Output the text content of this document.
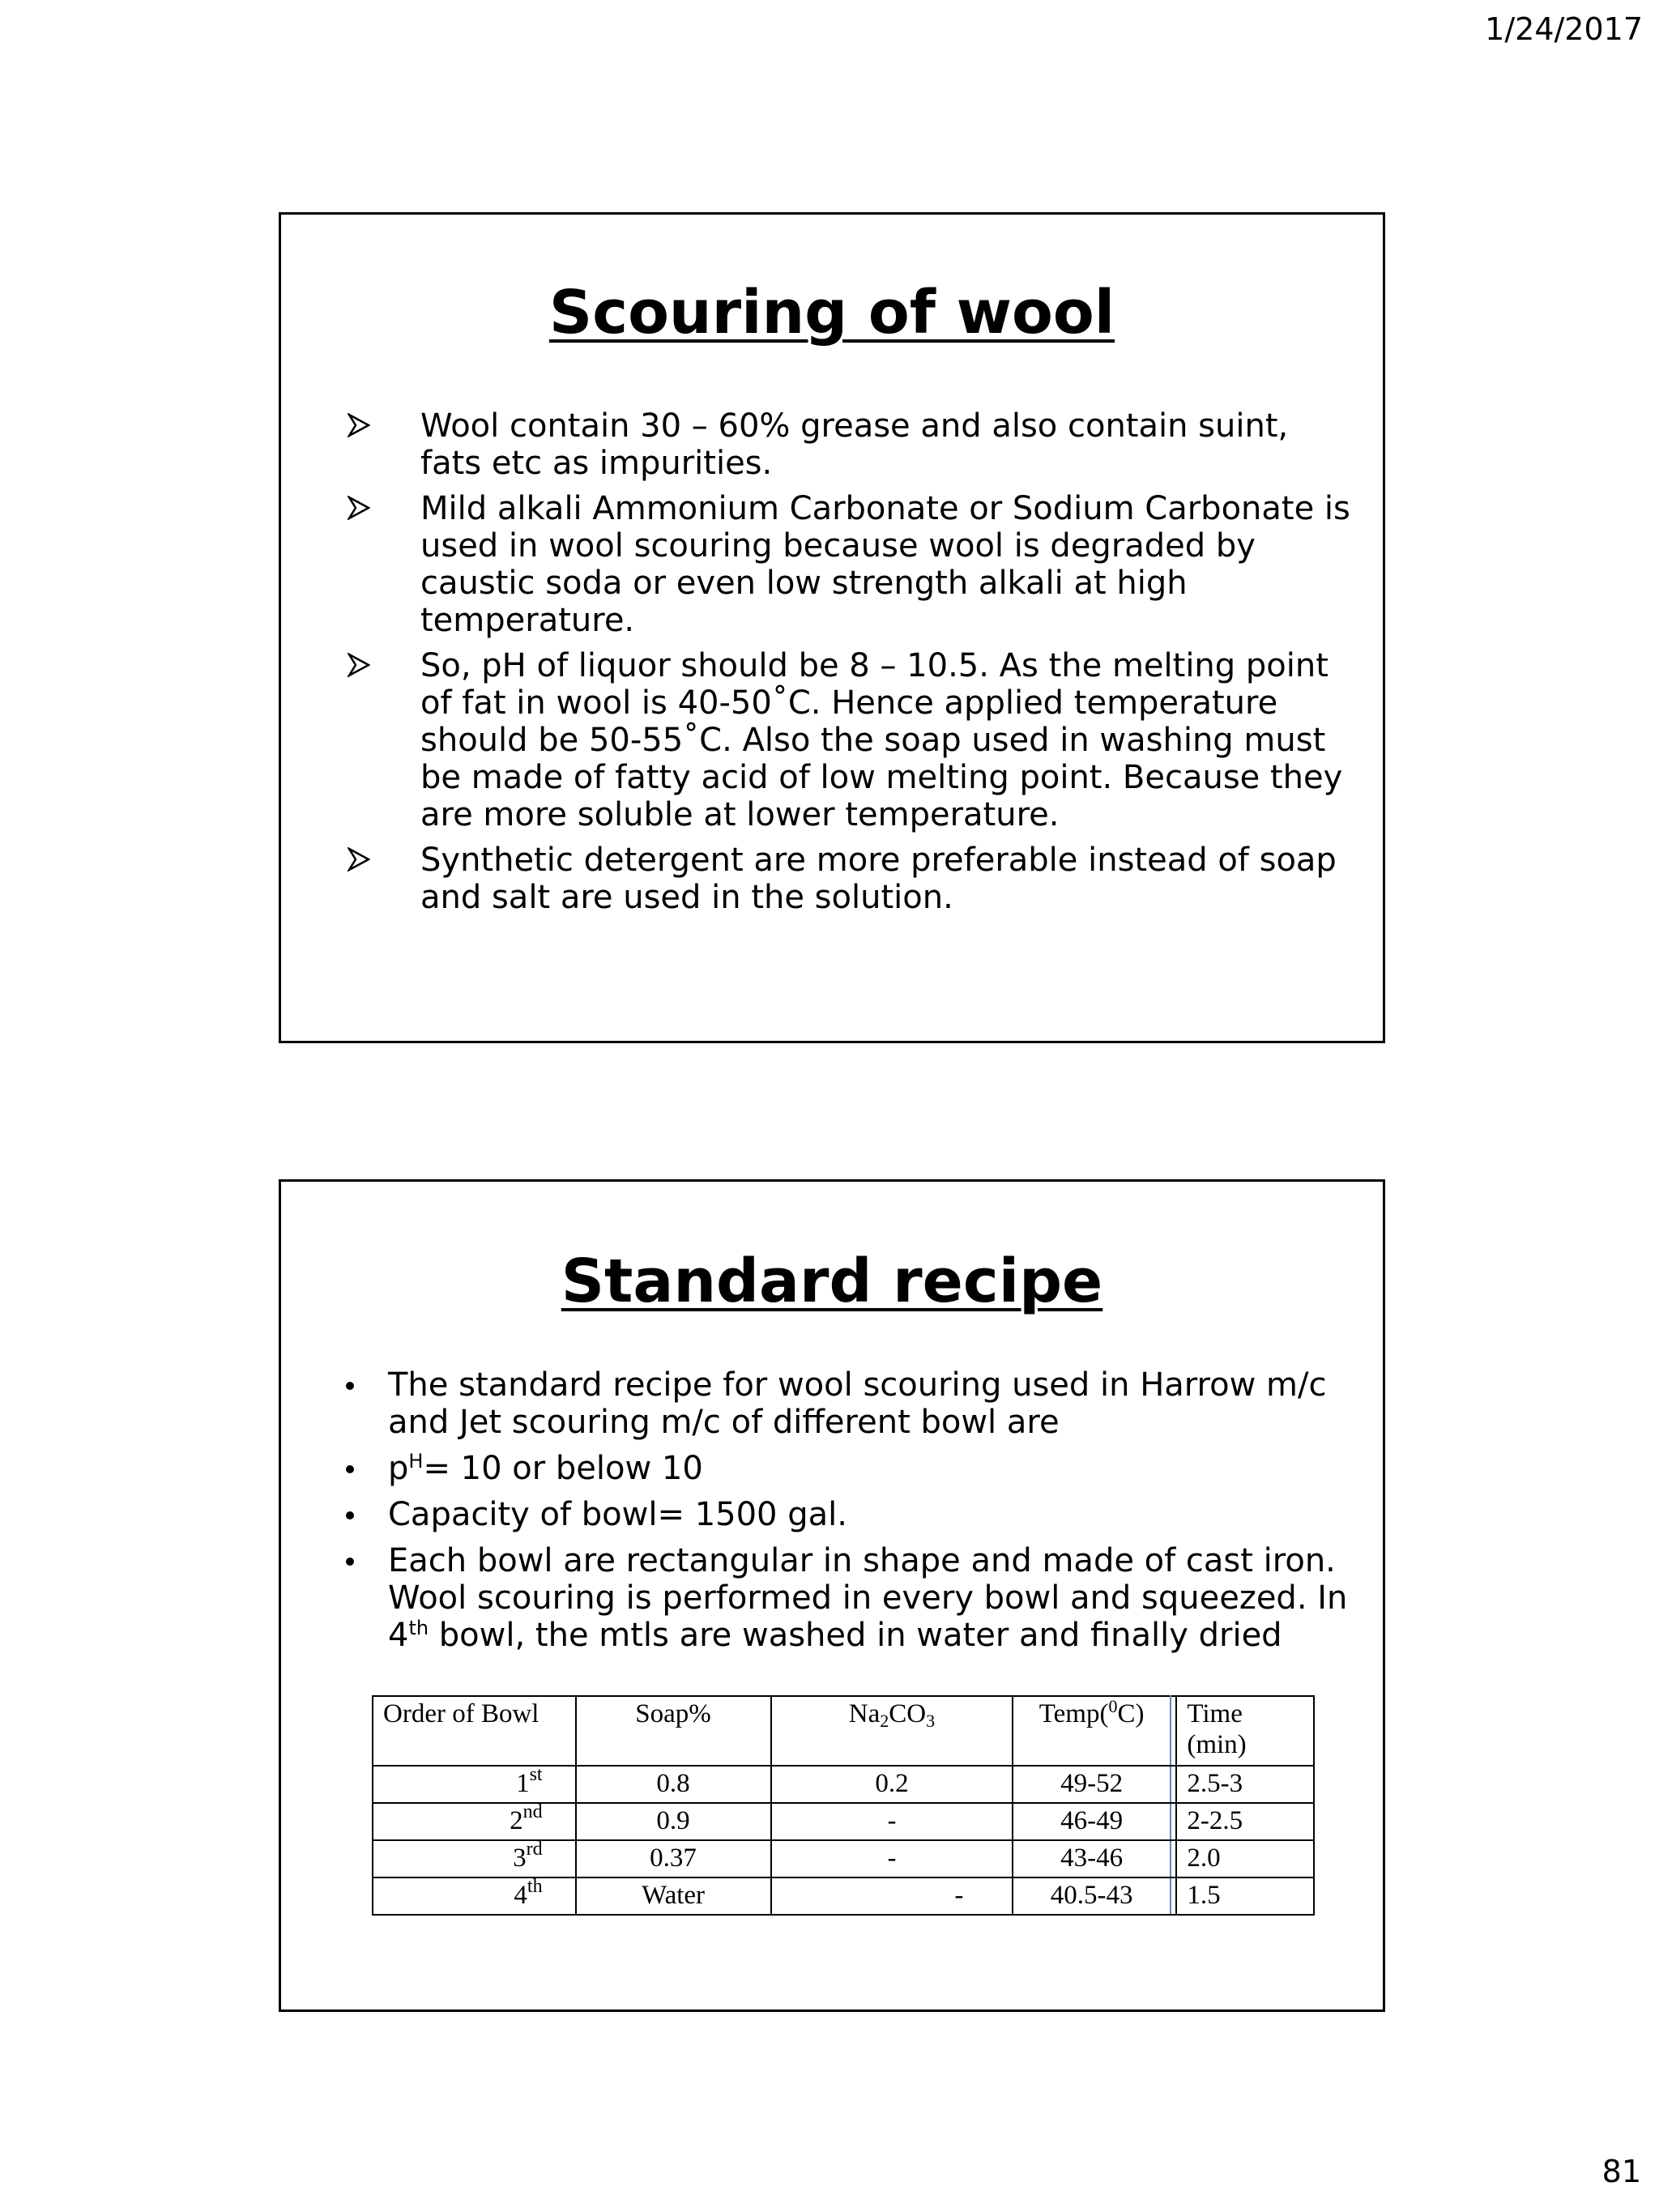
1/24/2017
Scouring of wool
Wool contain 30 – 60% grease and also contain suint, fats etc as impurities.
Mild alkali Ammonium Carbonate or Sodium Carbonate is used in wool scouring because wool is degraded by caustic soda or even low strength alkali at high temperature.
So, pH of liquor should be 8 – 10.5. As the melting point of fat in wool is 40-50˚C. Hence applied temperature should be 50-55˚C. Also the soap used in washing must be made of fatty acid of low melting point. Because they are more soluble at lower temperature.
Synthetic detergent are more preferable instead of soap and salt are used in the solution.
Standard recipe
The standard recipe for wool scouring used in Harrow m/c and Jet scouring m/c of different bowl are
$p^H= 10$ or below 10
Capacity of bowl= 1500 gal.
Each bowl are rectangular in shape and made of cast iron. Wool scouring is performed in every bowl and squeezed. In 4th bowl, the mtls are washed in water and finally dried
Order of Bowl	Soap%	$Na_2CO_3$	Temp($^0$C)		Time (min)
1st	0.8	0.2	49-52		2.5-3
2nd	0.9	-	46-49		2-2.5
3rd	0.37	-	43-46		2.0
4th	Water	-	40.5-43		1.5
81
